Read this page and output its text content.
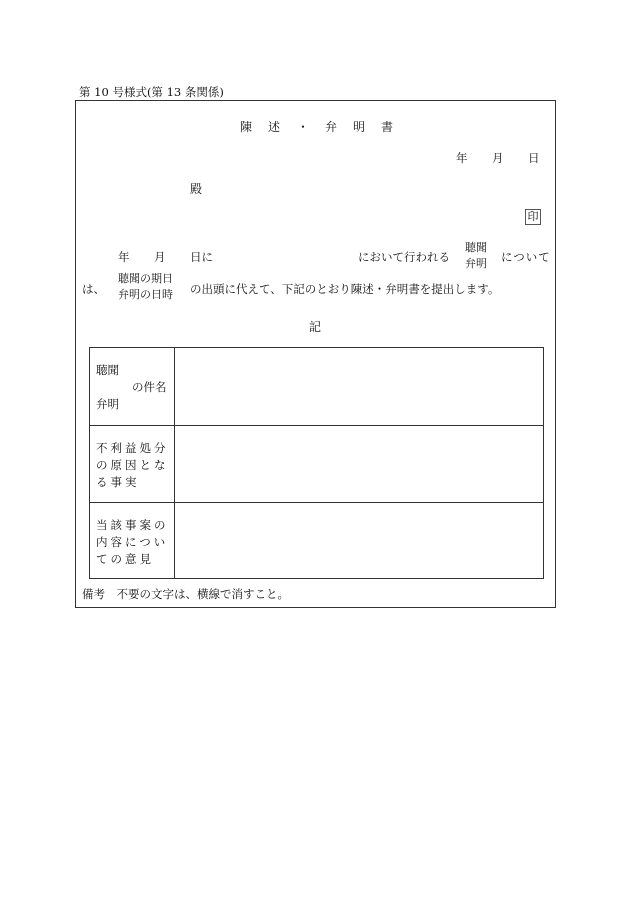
第 10 号様式(第 13 条関係)
陳 述 ・ 弁 明 書
年 月 日
殿
印
年 月 日に	において行われる
聴聞
弁明 について
は、
聴聞の期日
弁明の日時 の出頭に代えて、下記のとおり陳述・弁明書を提出します。
記
聴聞
の件名
弁明
不利益処分
の原因とな
る事実
当該事案の
内容につい
ての意見
備考　不要の文字は、横線で消すこと。
